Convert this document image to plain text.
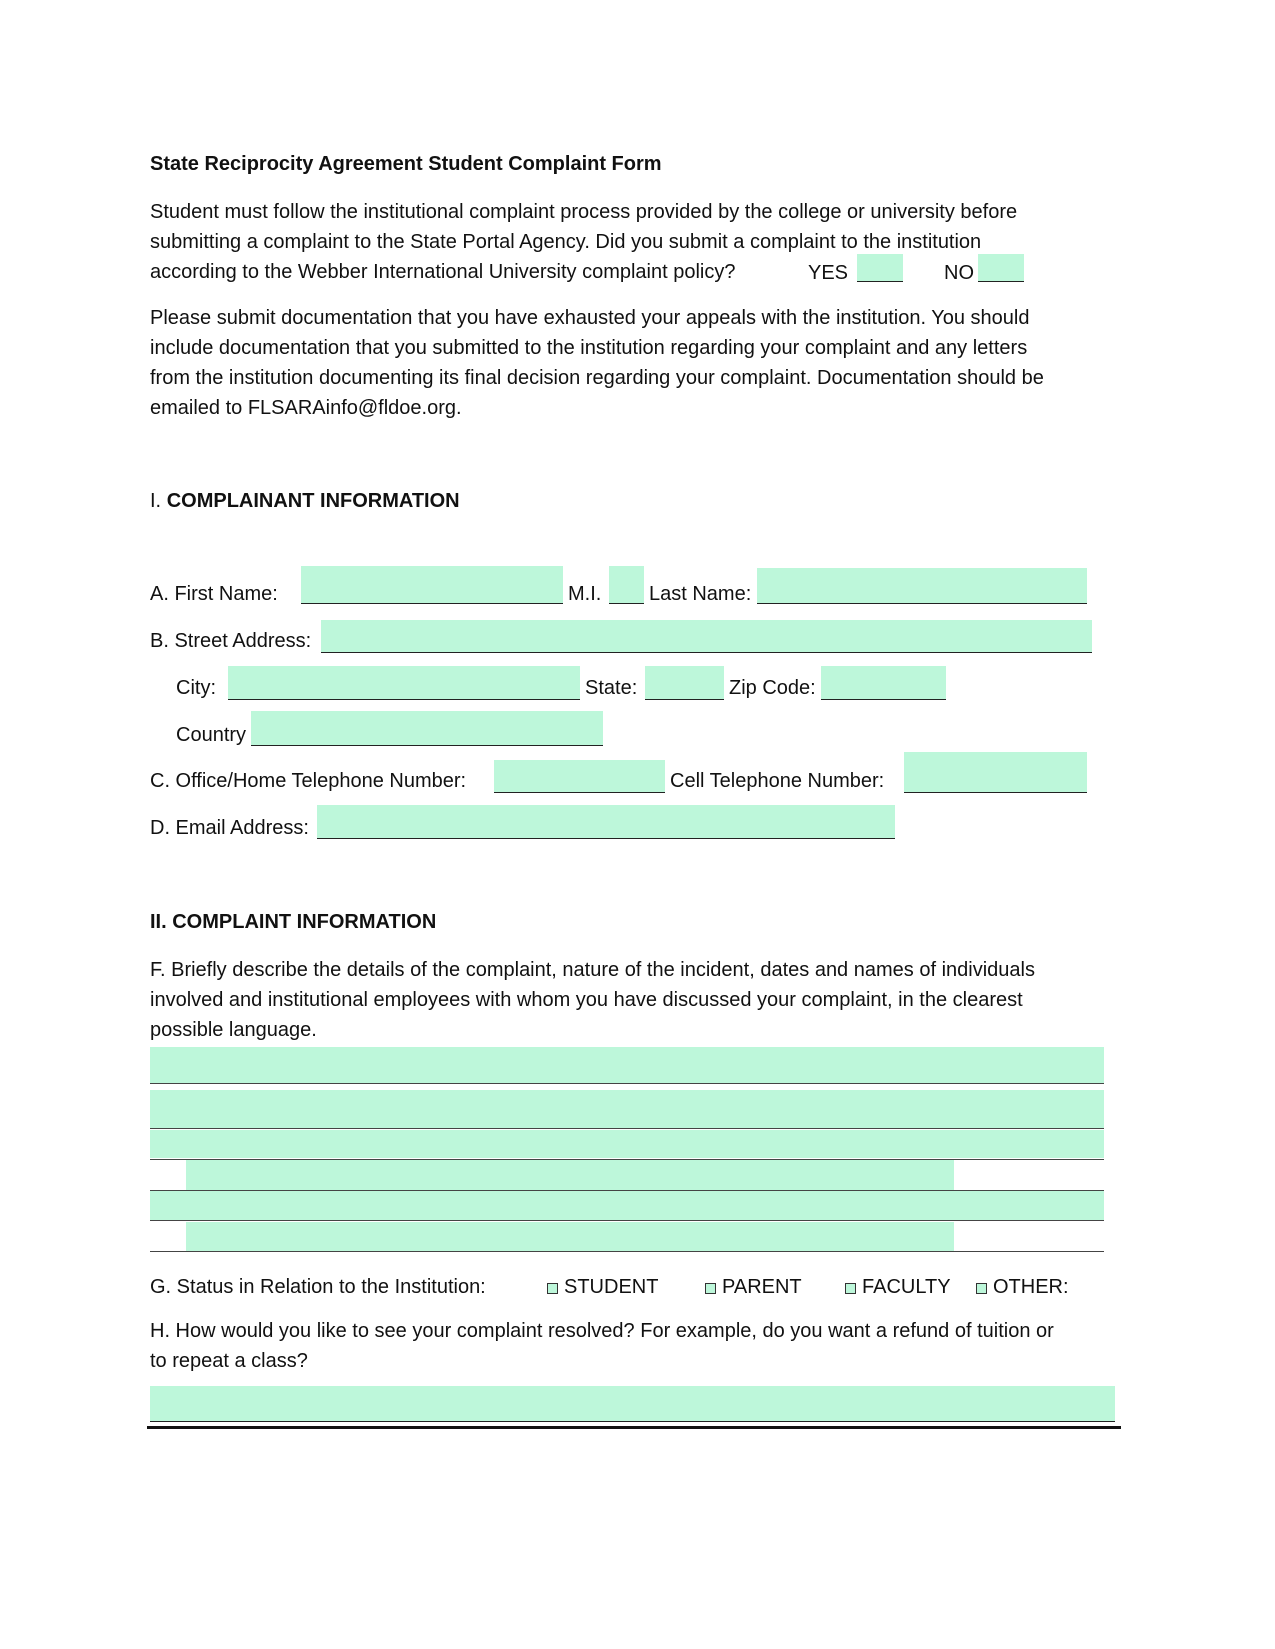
State Reciprocity Agreement Student Complaint Form
Student must follow the institutional complaint process provided by the college or university before
submitting a complaint to the State Portal Agency. Did you submit a complaint to the institution
according to the Webber International University complaint policy?	YES	NO
Please submit documentation that you have exhausted your appeals with the institution. You should
include documentation that you submitted to the institution regarding your complaint and any letters
from the institution documenting its final decision regarding your complaint. Documentation should be
emailed to FLSARAinfo@fldoe.org.
I. COMPLAINANT INFORMATION
A. First Name:	M.I. Last Name:
B. Street Address:
City:	State:	Zip Code:
Country
C. Office/Home Telephone Number:	Cell Telephone Number:
D. Email Address:
II. COMPLAINT INFORMATION
F. Briefly describe the details of the complaint, nature of the incident, dates and names of individuals
involved and institutional employees with whom you have discussed your complaint, in the clearest
possible language.
G. Status in Relation to the Institution:	STUDENT	PARENT	FACULTY OTHER:
H. How would you like to see your complaint resolved? For example, do you want a refund of tuition or
to repeat a class?
